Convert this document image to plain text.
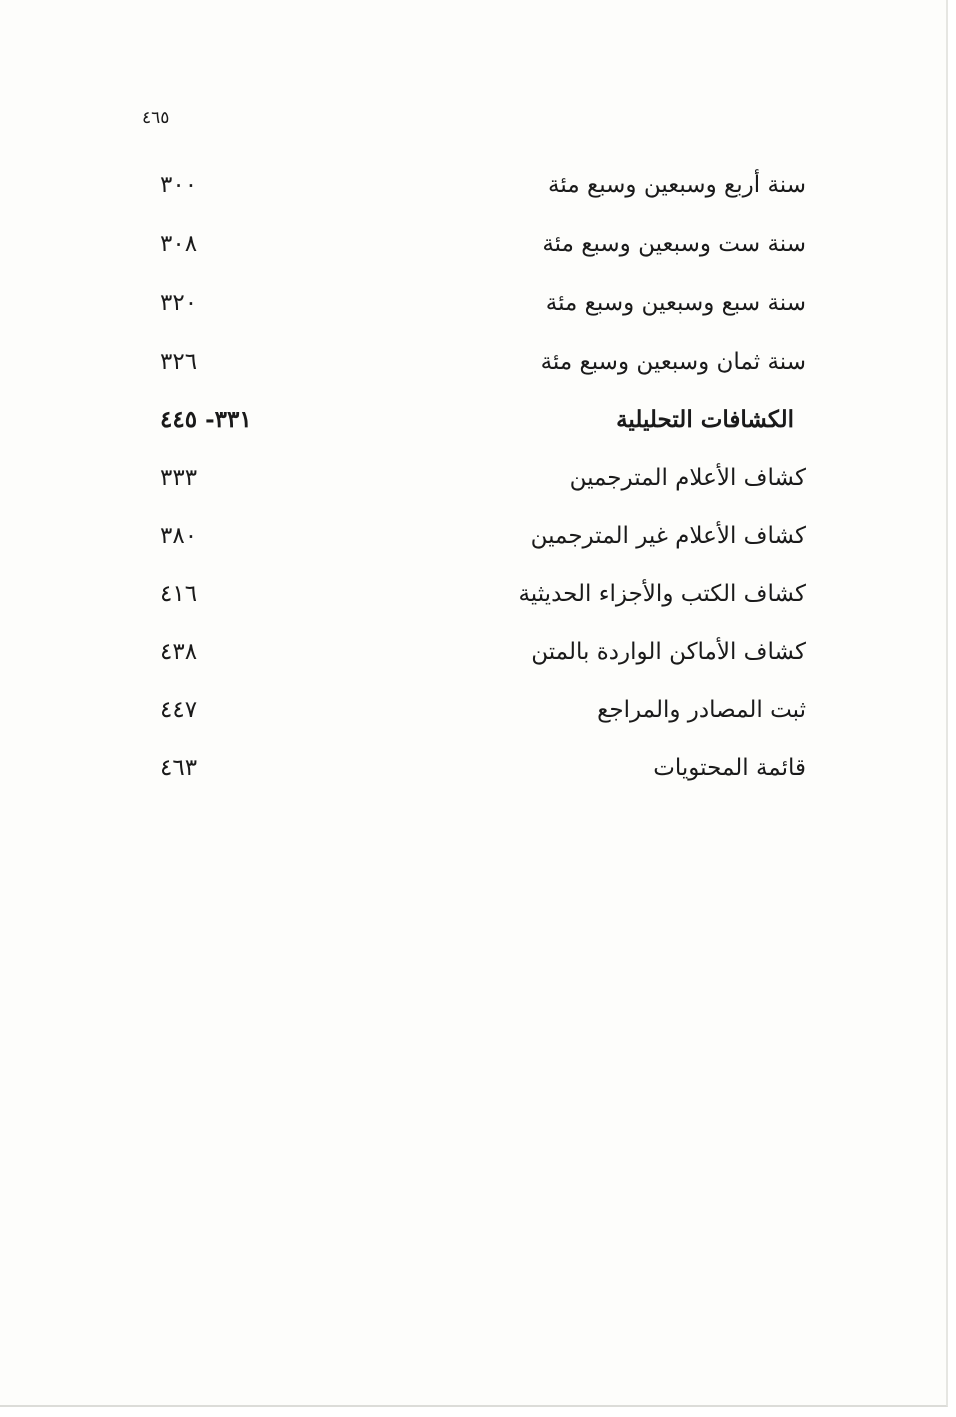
٤٦٥
سنة أربع وسبعين وسبع مئة
٣٠٠
سنة ست وسبعين وسبع مئة
٣٠٨
سنة سبع وسبعين وسبع مئة
٣٢٠
سنة ثمان وسبعين وسبع مئة
٣٢٦
الكشافات التحليلية
٣٣١- ٤٤٥
كشاف الأعلام المترجمين
٣٣٣
كشاف الأعلام غير المترجمين
٣٨٠
كشاف الكتب والأجزاء الحديثية
٤١٦
كشاف الأماكن الواردة بالمتن
٤٣٨
ثبت المصادر والمراجع
٤٤٧
قائمة المحتويات
٤٦٣
